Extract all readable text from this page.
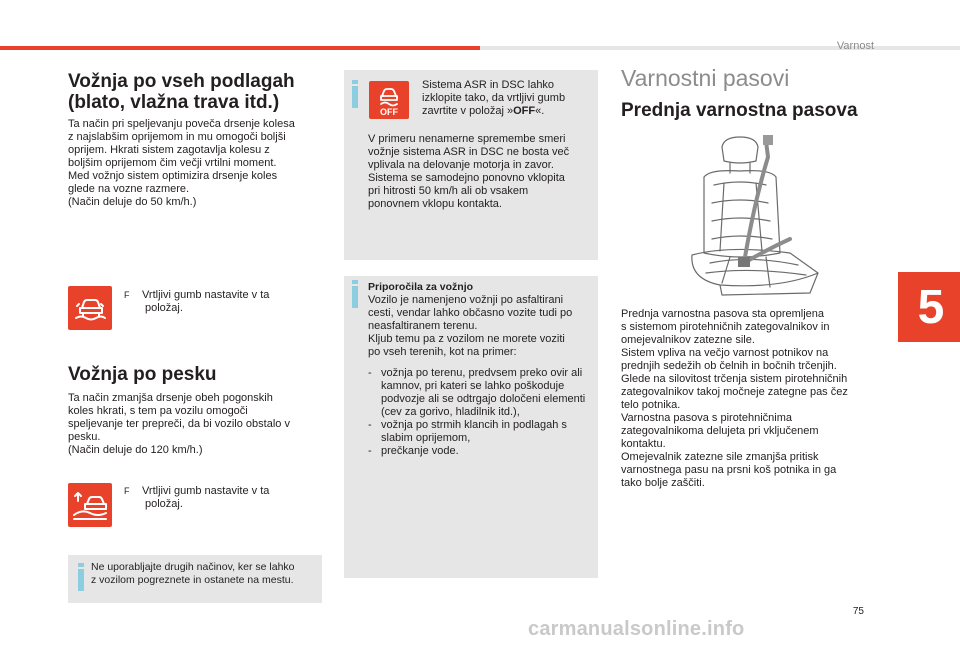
Varnost
5
Vožnja po vseh podlagah (blato, vlažna trava itd.)
Ta način pri speljevanju poveča drsenje kolesa
z najslabšim oprijemom in mu omogoči boljši
oprijem. Hkrati sistem zagotavlja kolesu z
boljšim oprijemom čim večji vrtilni moment.
Med vožnjo sistem optimizira drsenje koles
glede na vozne razmere.
(Način deluje do 50 km/h.)
F Vrtljivi gumb nastavite v ta
položaj.
Vožnja po pesku
Ta način zmanjša drsenje obeh pogonskih
koles hkrati, s tem pa vozilu omogoči
speljevanje ter prepreči, da bi vozilo obstalo v
pesku.
(Način deluje do 120 km/h.)
F Vrtljivi gumb nastavite v ta
položaj.
Ne uporabljajte drugih načinov, ker se lahko
z vozilom pogreznete in ostanete na mestu.
OFF
Sistema ASR in DSC lahko
izklopite tako, da vrtljivi gumb
zavrtite v položaj »OFF«.
V primeru nenamerne spremembe smeri
vožnje sistema ASR in DSC ne bosta več
vplivala na delovanje motorja in zavor.
Sistema se samodejno ponovno vklopita
pri hitrosti 50 km/h ali ob vsakem
ponovnem vklopu kontakta.
Priporočila za vožnjo
Vozilo je namenjeno vožnji po asfaltirani
cesti, vendar lahko občasno vozite tudi po
neasfaltiranem terenu.
Kljub temu pa z vozilom ne morete voziti
po vseh terenih, kot na primer:
- vožnja po terenu, predvsem preko ovir ali kamnov, pri kateri se lahko poškoduje podvozje ali se odtrgajo določeni elementi (cev za gorivo, hladilnik itd.),
- vožnja po strmih klancih in podlagah s slabim oprijemom,
- prečkanje vode.
Varnostni pasovi
Prednja varnostna pasova
Prednja varnostna pasova sta opremljena
s sistemom pirotehničnih zategovalnikov in
omejevalnikov zatezne sile.
Sistem vpliva na večjo varnost potnikov na
prednjih sedežih ob čelnih in bočnih trčenjih.
Glede na silovitost trčenja sistem pirotehničnih
zategovalnikov takoj močneje zategne pas čez
telo potnika.
Varnostna pasova s pirotehničnima
zategovalnikoma delujeta pri vključenem
kontaktu.
Omejevalnik zatezne sile zmanjša pritisk
varnostnega pasu na prsni koš potnika in ga
tako bolje zaščiti.
75
carmanualsonline.info
